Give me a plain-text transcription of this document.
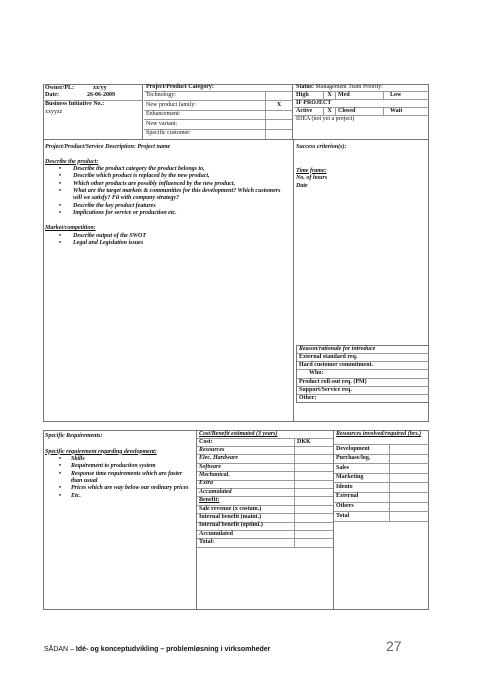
Owner/PL:	xx/yy
Date:	26-06-2009
Business Initiative No.:
xxyyzz
Project/Product Category:
Technology:
New product family:	X
Enhancement:
New variant:
Specific customer:
Status: Management Team Priority:
High	X	Med	Low
IF PROJECT
Active	X	Closed	Wait
IDEA (not yet a project)
Project/Product/Service Description: Project name
Describe the product:
• Describe the product category the product belongs to,
• Describe which product is replaced by the new product,
• Which other products are possibly influenced by the new product,
• What are the target markets & communities for this development? Which customers will we satisfy? Fit with company strategy?
• Describe the key product features
• Implications for service or production etc.
Market/competition:
• Describe output of the SWOT
• Legal and Legislation issues
Success criterion(s):
Time frame:
No. of hours
Date
Reason/rationale for introduce
External standard req.
Hard customer commitment.
Who:
Product roll-out req. (PM)
Support/Service req.
Other:
Specific Requirements:
Specific requirement regarding development:
• Skills
• Requirement to production system
• Response time requirements which are faster than usual
• Prices which are way below our ordinary prices
• Etc.
Cost/Benefit estimated (3 years)
Cost:	DKK
Resources
Elec. Hardware
Software
Mechanical.
Extra
Accumulated
Benefit:
Sale revenue (x costum.)
Internal benefit (maint.)
Internal benefit (optimi.)
Accumulated
Total:
Resources involved/required (hrs.)
Development
Purchase/log.
Sales
Marketing
Idento
External
Others
Total
SÅDAN – Idé- og konceptudvikling – problemløsning i virksomheder	27
